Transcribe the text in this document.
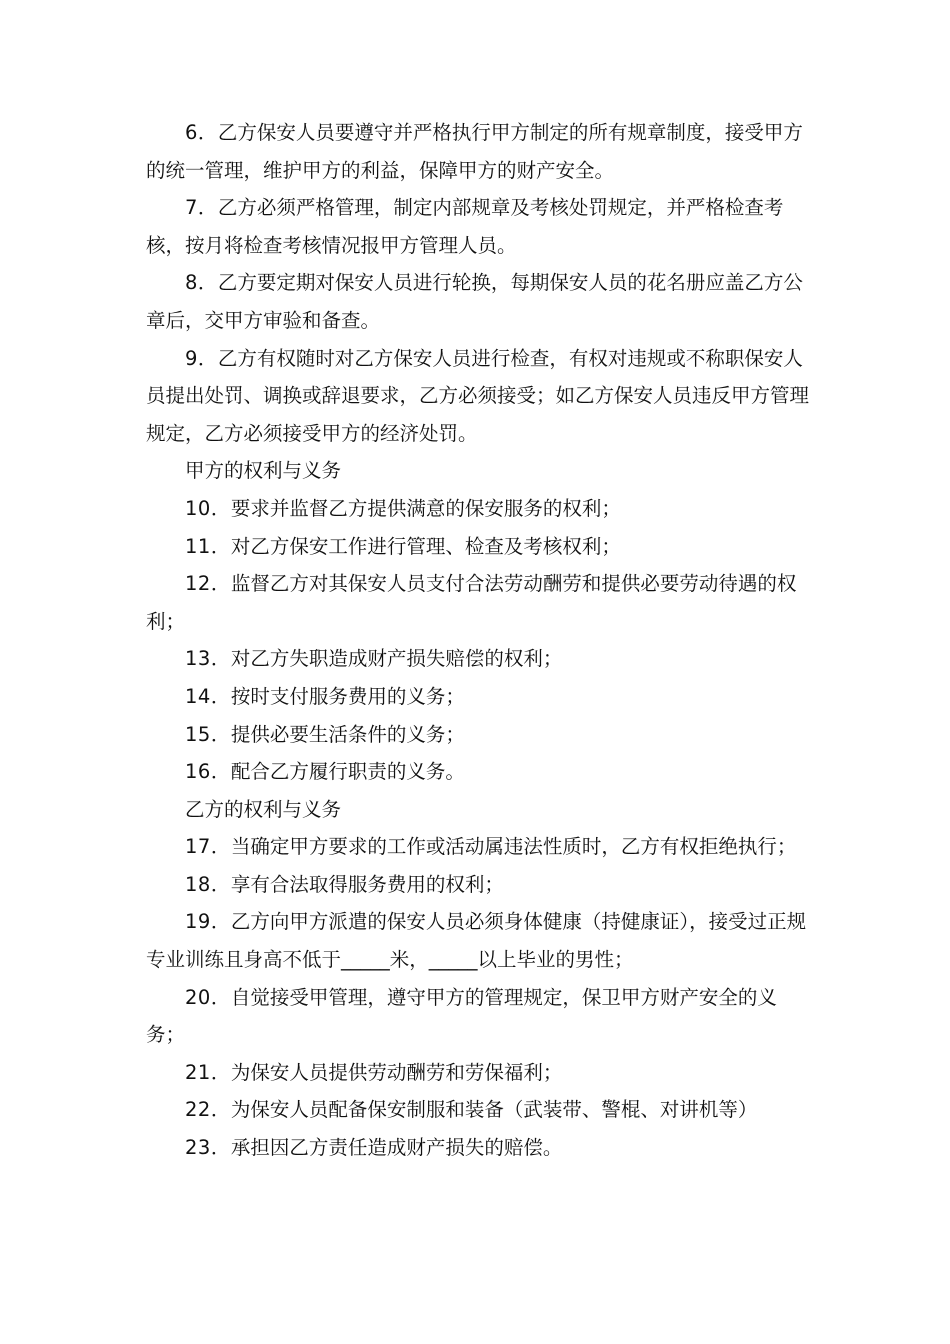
6．乙方保安人员要遵守并严格执行甲方制定的所有规章制度，接受甲方的统一管理，维护甲方的利益，保障甲方的财产安全。

7．乙方必须严格管理，制定内部规章及考核处罚规定，并严格检查考核，按月将检查考核情况报甲方管理人员。

8．乙方要定期对保安人员进行轮换，每期保安人员的花名册应盖乙方公章后，交甲方审验和备查。

9．乙方有权随时对乙方保安人员进行检查，有权对违规或不称职保安人员提出处罚、调换或辞退要求，乙方必须接受；如乙方保安人员违反甲方管理规定，乙方必须接受甲方的经济处罚。

甲方的权利与义务

10．要求并监督乙方提供满意的保安服务的权利；

11．对乙方保安工作进行管理、检查及考核权利；

12．监督乙方对其保安人员支付合法劳动酬劳和提供必要劳动待遇的权利；

13．对乙方失职造成财产损失赔偿的权利；

14．按时支付服务费用的义务；

15．提供必要生活条件的义务；

16．配合乙方履行职责的义务。

乙方的权利与义务

17．当确定甲方要求的工作或活动属违法性质时，乙方有权拒绝执行；

18．享有合法取得服务费用的权利；

19．乙方向甲方派遣的保安人员必须身体健康（持健康证），接受过正规专业训练且身高不低于_____米，_____以上毕业的男性；

20．自觉接受甲管理，遵守甲方的管理规定，保卫甲方财产安全的义务；

21．为保安人员提供劳动酬劳和劳保福利；

22．为保安人员配备保安制服和装备（武装带、警棍、对讲机等）

23．承担因乙方责任造成财产损失的赔偿。
